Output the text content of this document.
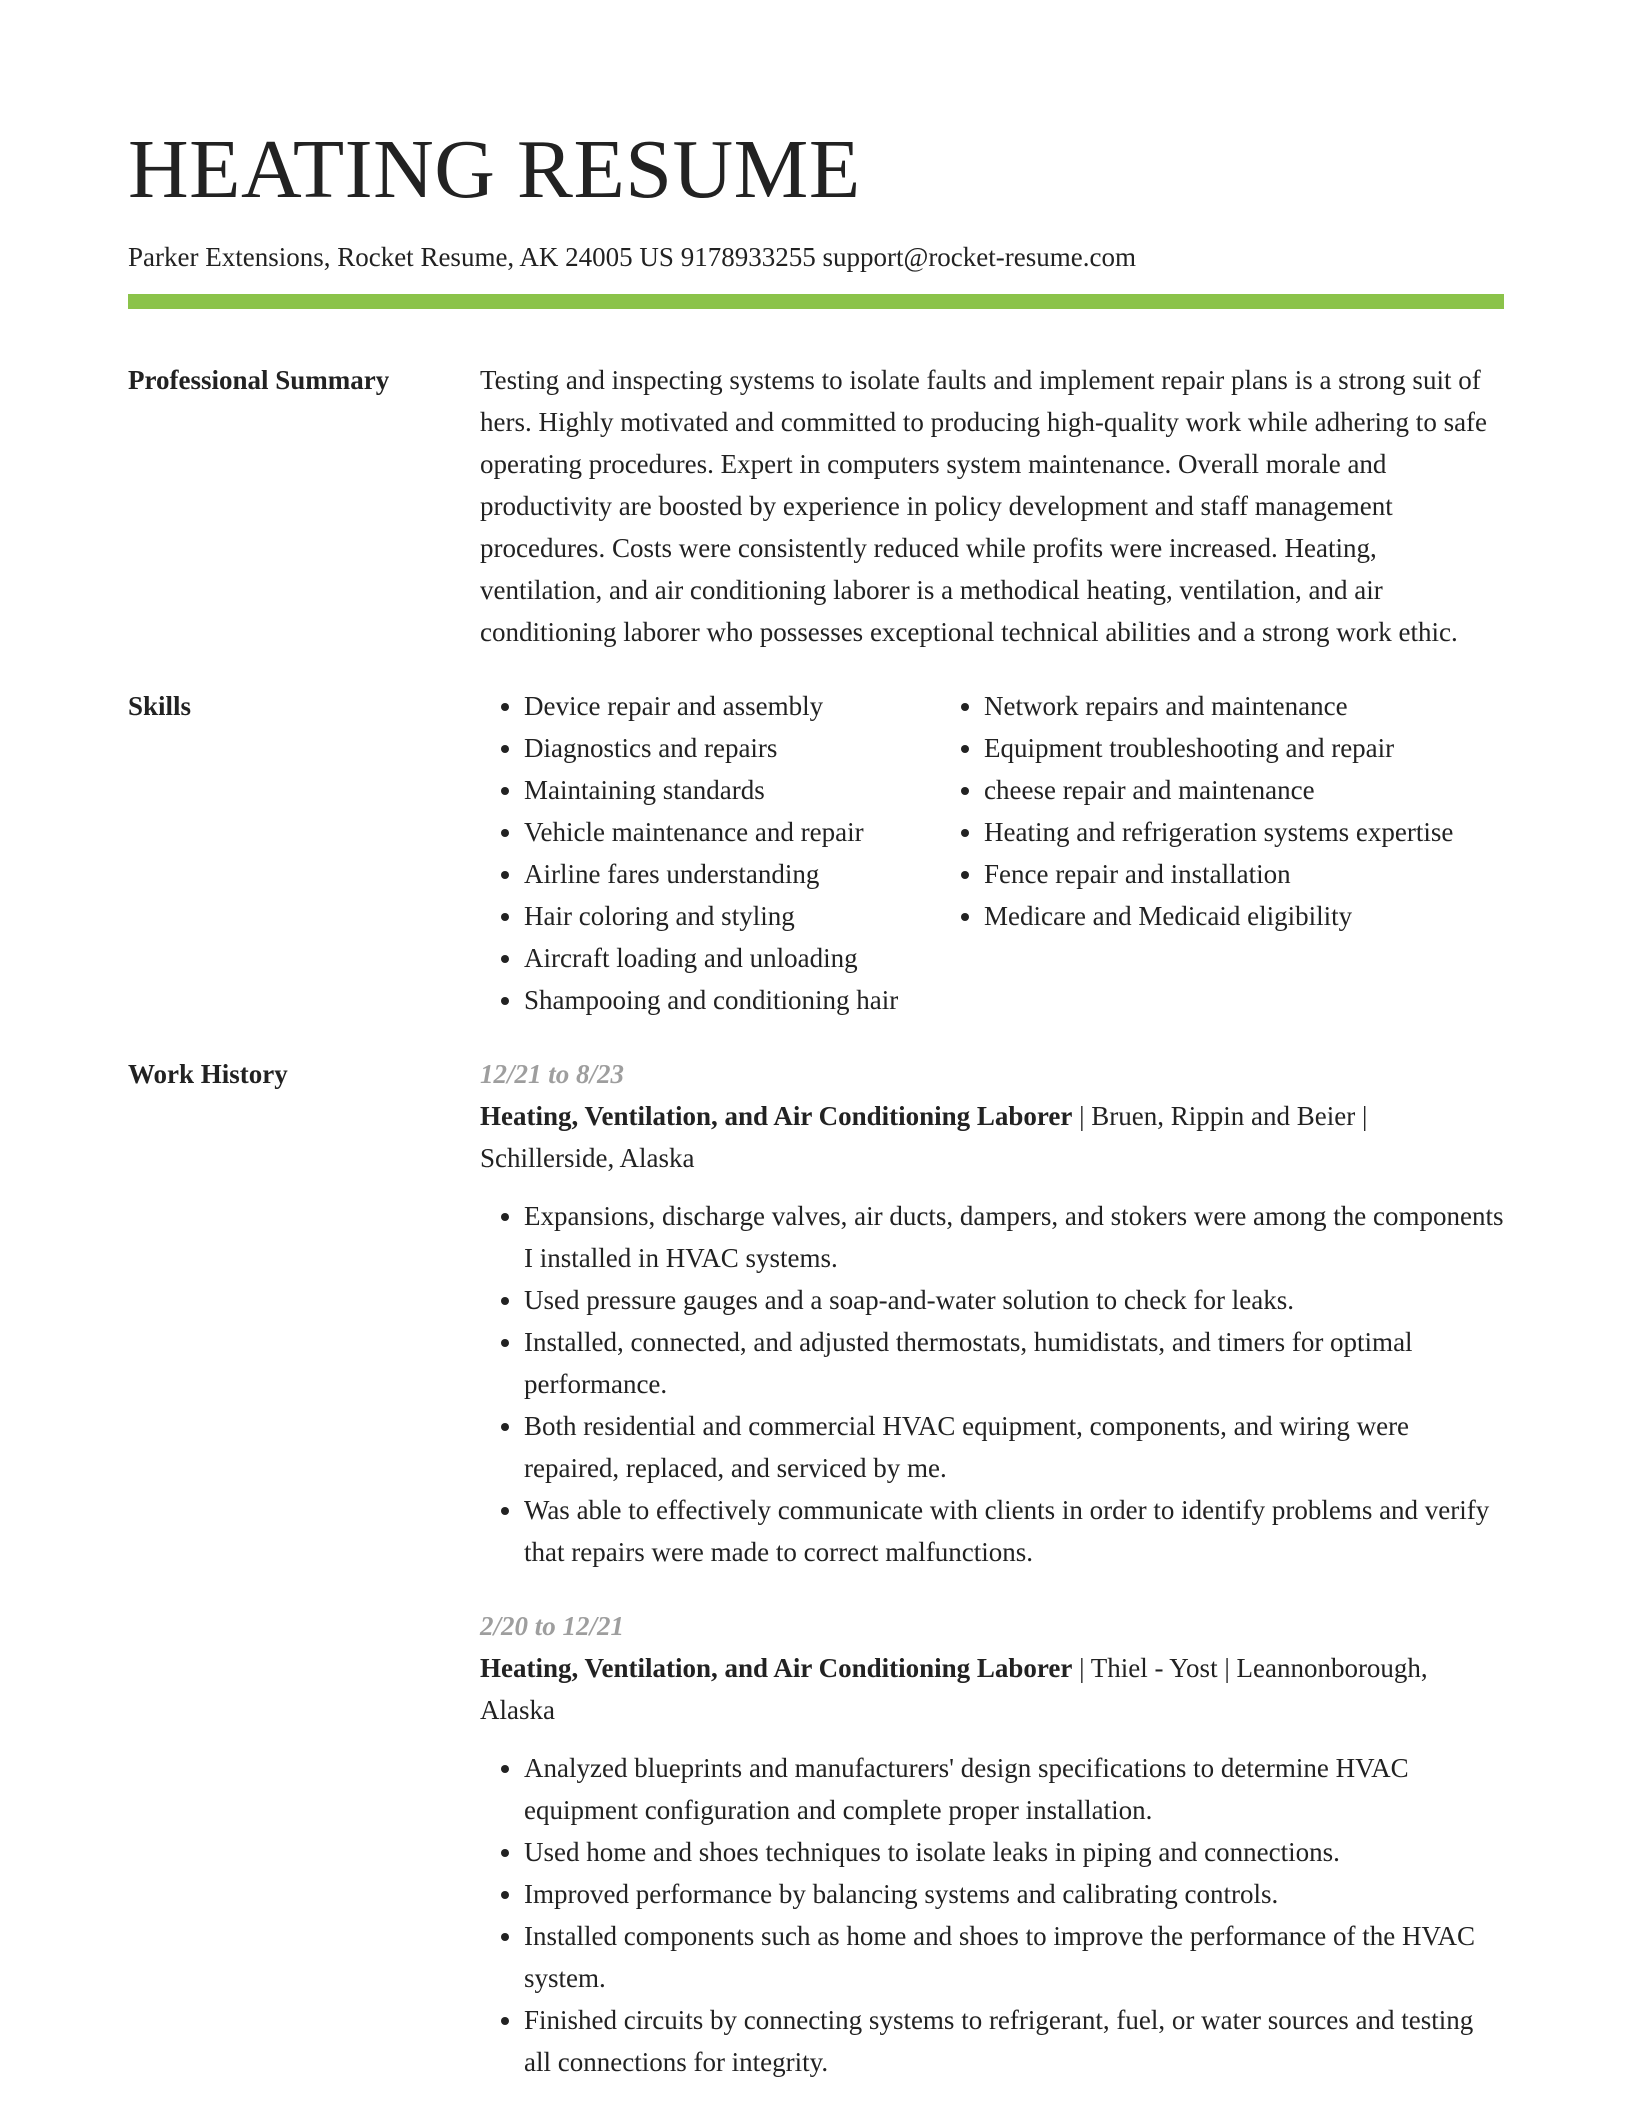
HEATING RESUME
Parker Extensions, Rocket Resume, AK 24005 US 9178933255 support@rocket-resume.com
Professional Summary	Testing and inspecting systems to isolate faults and implement repair plans is a strong suit of hers. Highly motivated and committed to producing high-quality work while adhering to safe operating procedures. Expert in computers system maintenance. Overall morale and productivity are boosted by experience in policy development and staff management procedures. Costs were consistently reduced while profits were increased. Heating, ventilation, and air conditioning laborer is a methodical heating, ventilation, and air conditioning laborer who possesses exceptional technical abilities and a strong work ethic.
Skills
•	Device repair and assembly
• Diagnostics and repairs
• Maintaining standards
• Vehicle maintenance and repair
• Airline fares understanding
• Hair coloring and styling
• Aircraft loading and unloading
• Shampooing and conditioning hair
• Network repairs and maintenance
• Equipment troubleshooting and repair
• cheese repair and maintenance
• Heating and refrigeration systems expertise
• Fence repair and installation
• Medicare and Medicaid eligibility
Work History	12/21 to 8/23
Heating, Ventilation, and Air Conditioning Laborer | Bruen, Rippin and Beier | Schillerside, Alaska
• Expansions, discharge valves, air ducts, dampers, and stokers were among the components I installed in HVAC systems.
• Used pressure gauges and a soap-and-water solution to check for leaks.
• Installed, connected, and adjusted thermostats, humidistats, and timers for optimal performance.
• Both residential and commercial HVAC equipment, components, and wiring were repaired, replaced, and serviced by me.
• Was able to effectively communicate with clients in order to identify problems and verify that repairs were made to correct malfunctions.
2/20 to 12/21
Heating, Ventilation, and Air Conditioning Laborer | Thiel - Yost | Leannonborough, Alaska
• Analyzed blueprints and manufacturers' design specifications to determine HVAC equipment configuration and complete proper installation.
• Used home and shoes techniques to isolate leaks in piping and connections.
• Improved performance by balancing systems and calibrating controls.
• Installed components such as home and shoes to improve the performance of the HVAC system.
• Finished circuits by connecting systems to refrigerant, fuel, or water sources and testing all connections for integrity.
